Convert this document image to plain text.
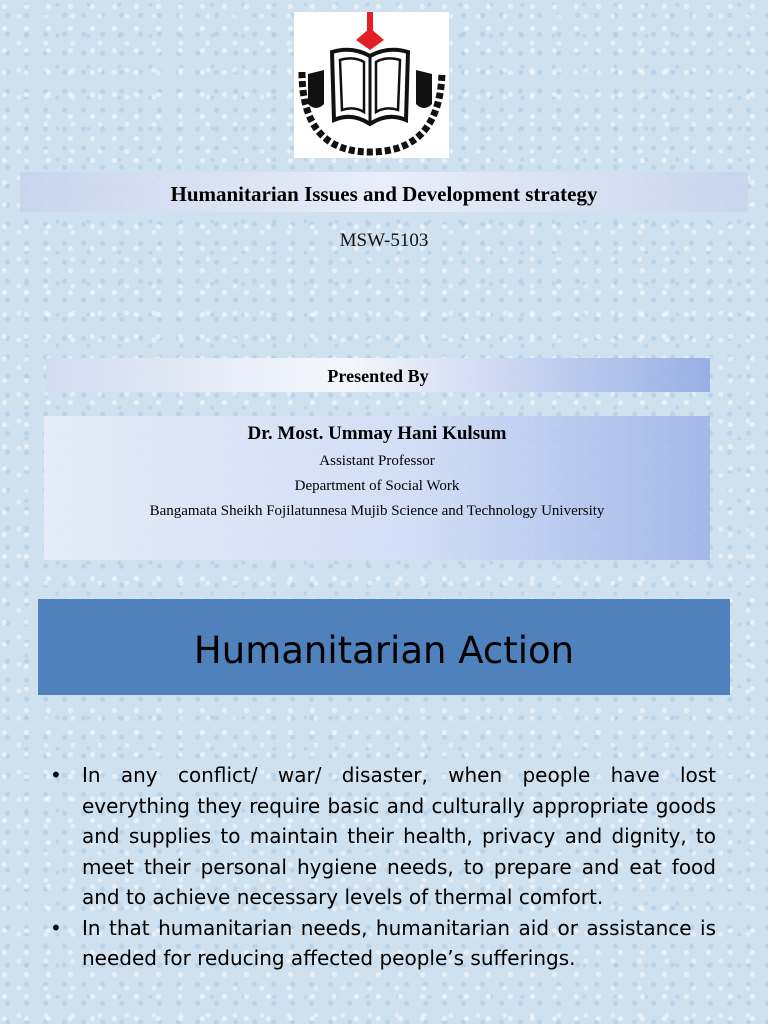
Humanitarian Issues and Development strategy
MSW-5103
Presented By
Dr. Most. Ummay Hani Kulsum
Assistant Professor
Department of Social Work
Bangamata Sheikh Fojilatunnesa Mujib Science and Technology University
Humanitarian Action
• In any conflict/ war/ disaster, when people have lost everything they require basic and culturally appropriate goods and supplies to maintain their health, privacy and dignity, to meet their personal hygiene needs, to prepare and eat food and to achieve necessary levels of thermal comfort.
• In that humanitarian needs, humanitarian aid or assistance is needed for reducing affected people’s sufferings.
